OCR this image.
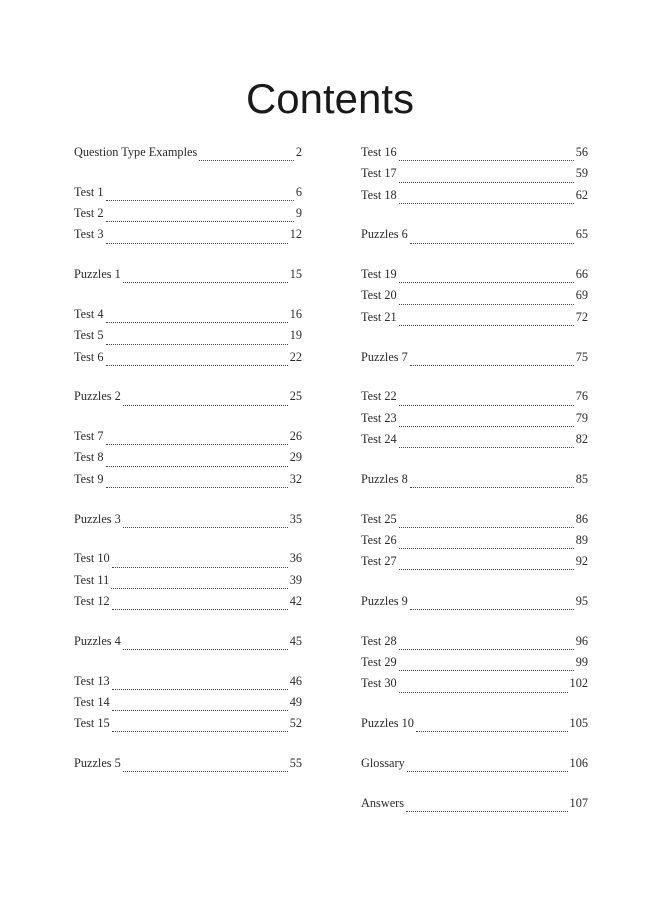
Contents
Question Type Examples	2
Test 1	6
Test 2	9
Test 3	12
Puzzles 1	15
Test 4	16
Test 5	19
Test 6	22
Puzzles 2	25
Test 7	26
Test 8	29
Test 9	32
Puzzles 3	35
Test 10	36
Test 11	39
Test 12	42
Puzzles 4	45
Test 13	46
Test 14	49
Test 15	52
Puzzles 5	55
Test 16	56
Test 17	59
Test 18	62
Puzzles 6	65
Test 19	66
Test 20	69
Test 21	72
Puzzles 7	75
Test 22	76
Test 23	79
Test 24	82
Puzzles 8	85
Test 25	86
Test 26	89
Test 27	92
Puzzles 9	95
Test 28	96
Test 29	99
Test 30	102
Puzzles 10	105
Glossary	106
Answers	107
